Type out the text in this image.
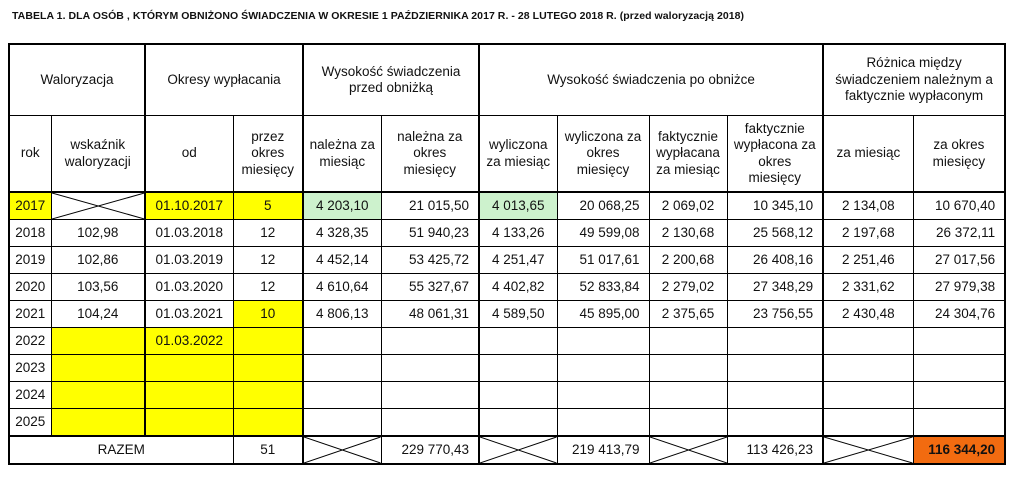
TABELA 1. DLA OSÓB , KTÓRYM OBNIŻONO ŚWIADCZENIA W OKRESIE 1 PAŹDZIERNIKA 2017 R. - 28 LUTEGO 2018 R. (przed waloryzacją 2018)
Waloryzacja		Okresy wypłacania		Wysokość świadczenia przed obniżką		Wysokość świadczenia po obniżce				Różnica między świadczeniem należnym a faktycznie wypłaconym	
rok	wskaźnik waloryzacji	od	przez okres miesięcy	należna za miesiąc	należna za okres miesięcy	wyliczona za miesiąc	wyliczona za okres miesięcy	faktycznie wypłacana za miesiąc	faktycznie wypłacona za okres miesięcy	za miesiąc	za okres miesięcy
2017		01.10.2017	5	4 203,10	21 015,50	4 013,65	20 068,25	2 069,02	10 345,10	2 134,08	10 670,40
2018	102,98	01.03.2018	12	4 328,35	51 940,23	4 133,26	49 599,08	2 130,68	25 568,12	2 197,68	26 372,11
2019	102,86	01.03.2019	12	4 452,14	53 425,72	4 251,47	51 017,61	2 200,68	26 408,16	2 251,46	27 017,56
2020	103,56	01.03.2020	12	4 610,64	55 327,67	4 402,82	52 833,84	2 279,02	27 348,29	2 331,62	27 979,38
2021	104,24	01.03.2021	10	4 806,13	48 061,31	4 589,50	45 895,00	2 375,65	23 756,55	2 430,48	24 304,76
2022		01.03.2022									
2023											
2024											
2025											
RAZEM			51		229 770,43		219 413,79		113 426,23		116 344,20
